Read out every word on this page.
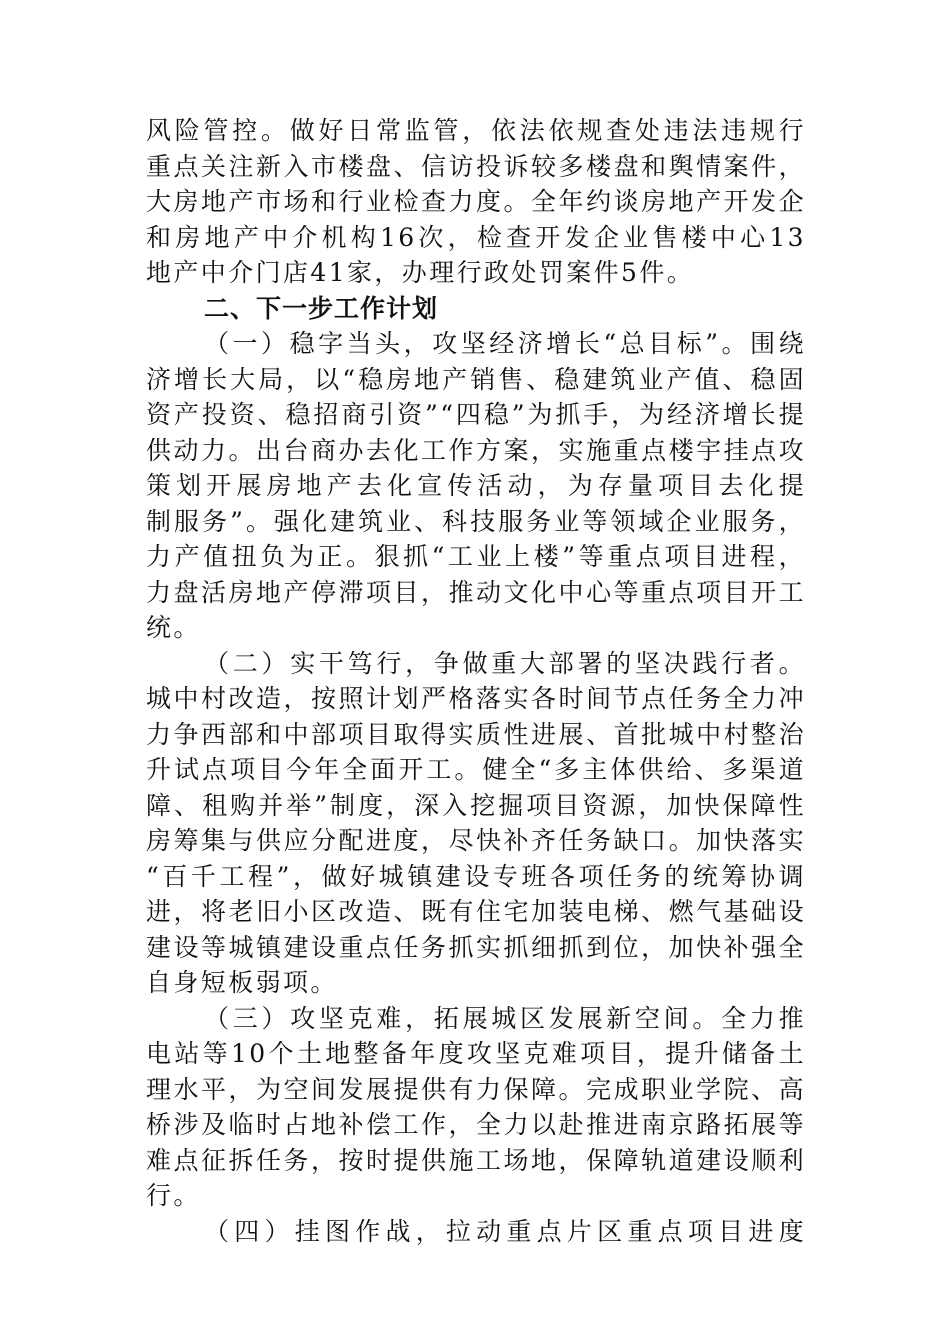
风险管控。做好日常监管，依法依规查处违法违规行
重点关注新入市楼盘、信访投诉较多楼盘和舆情案件，
大房地产市场和行业检查力度。全年约谈房地产开发企
和房地产中介机构16次，检查开发企业售楼中心13
地产中介门店41家，办理行政处罚案件5件。
二、下一步工作计划
（一）稳字当头，攻坚经济增长“总目标”。围绕
济增长大局，以“稳房地产销售、稳建筑业产值、稳固
资产投资、稳招商引资”“四稳”为抓手，为经济增长提
供动力。出台商办去化工作方案，实施重点楼宇挂点攻
策划开展房地产去化宣传活动，为存量项目去化提
制服务”。强化建筑业、科技服务业等领域企业服务，
力产值扭负为正。狠抓“工业上楼”等重点项目进程，
力盘活房地产停滞项目，推动文化中心等重点项目开工
统。
（二）实干笃行，争做重大部署的坚决践行者。
城中村改造，按照计划严格落实各时间节点任务全力冲
力争西部和中部项目取得实质性进展、首批城中村整治
升试点项目今年全面开工。健全“多主体供给、多渠道
障、租购并举”制度，深入挖掘项目资源，加快保障性
房筹集与供应分配进度，尽快补齐任务缺口。加快落实
“百千工程”，做好城镇建设专班各项任务的统筹协调
进，将老旧小区改造、既有住宅加装电梯、燃气基础设
建设等城镇建设重点任务抓实抓细抓到位，加快补强全
自身短板弱项。
（三）攻坚克难，拓展城区发展新空间。全力推
电站等10个土地整备年度攻坚克难项目，提升储备土
理水平，为空间发展提供有力保障。完成职业学院、高
桥涉及临时占地补偿工作，全力以赴推进南京路拓展等
难点征拆任务，按时提供施工场地，保障轨道建设顺利
行。
（四）挂图作战，拉动重点片区重点项目进度
